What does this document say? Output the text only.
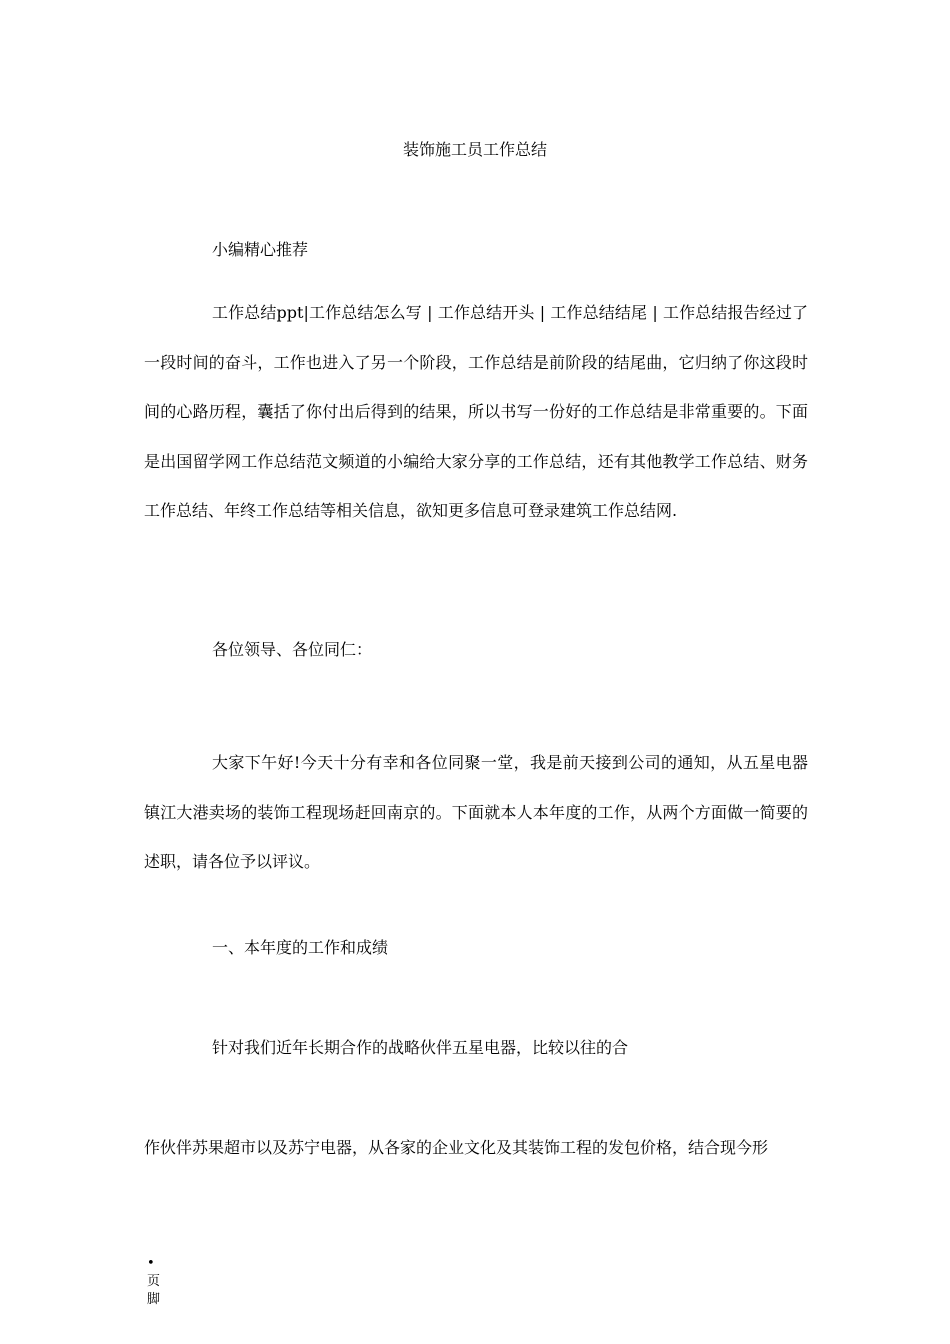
装饰施工员工作总结

小编精心推荐

工作总结ppt|工作总结怎么写 | 工作总结开头 | 工作总结结尾 | 工作总结报告经过了一段时间的奋斗，工作也进入了另一个阶段，工作总结是前阶段的结尾曲，它归纳了你这段时间的心路历程，囊括了你付出后得到的结果，所以书写一份好的工作总结是非常重要的。下面是出国留学网工作总结范文频道的小编给大家分享的工作总结，还有其他教学工作总结、财务工作总结、年终工作总结等相关信息，欲知更多信息可登录建筑工作总结网.

各位领导、各位同仁：

大家下午好!今天十分有幸和各位同聚一堂，我是前天接到公司的通知，从五星电器镇江大港卖场的装饰工程现场赶回南京的。下面就本人本年度的工作，从两个方面做一简要的述职，请各位予以评议。

一、本年度的工作和成绩

针对我们近年长期合作的战略伙伴五星电器，比较以往的合

作伙伴苏果超市以及苏宁电器，从各家的企业文化及其装饰工程的发包价格，结合现今形

•页脚
